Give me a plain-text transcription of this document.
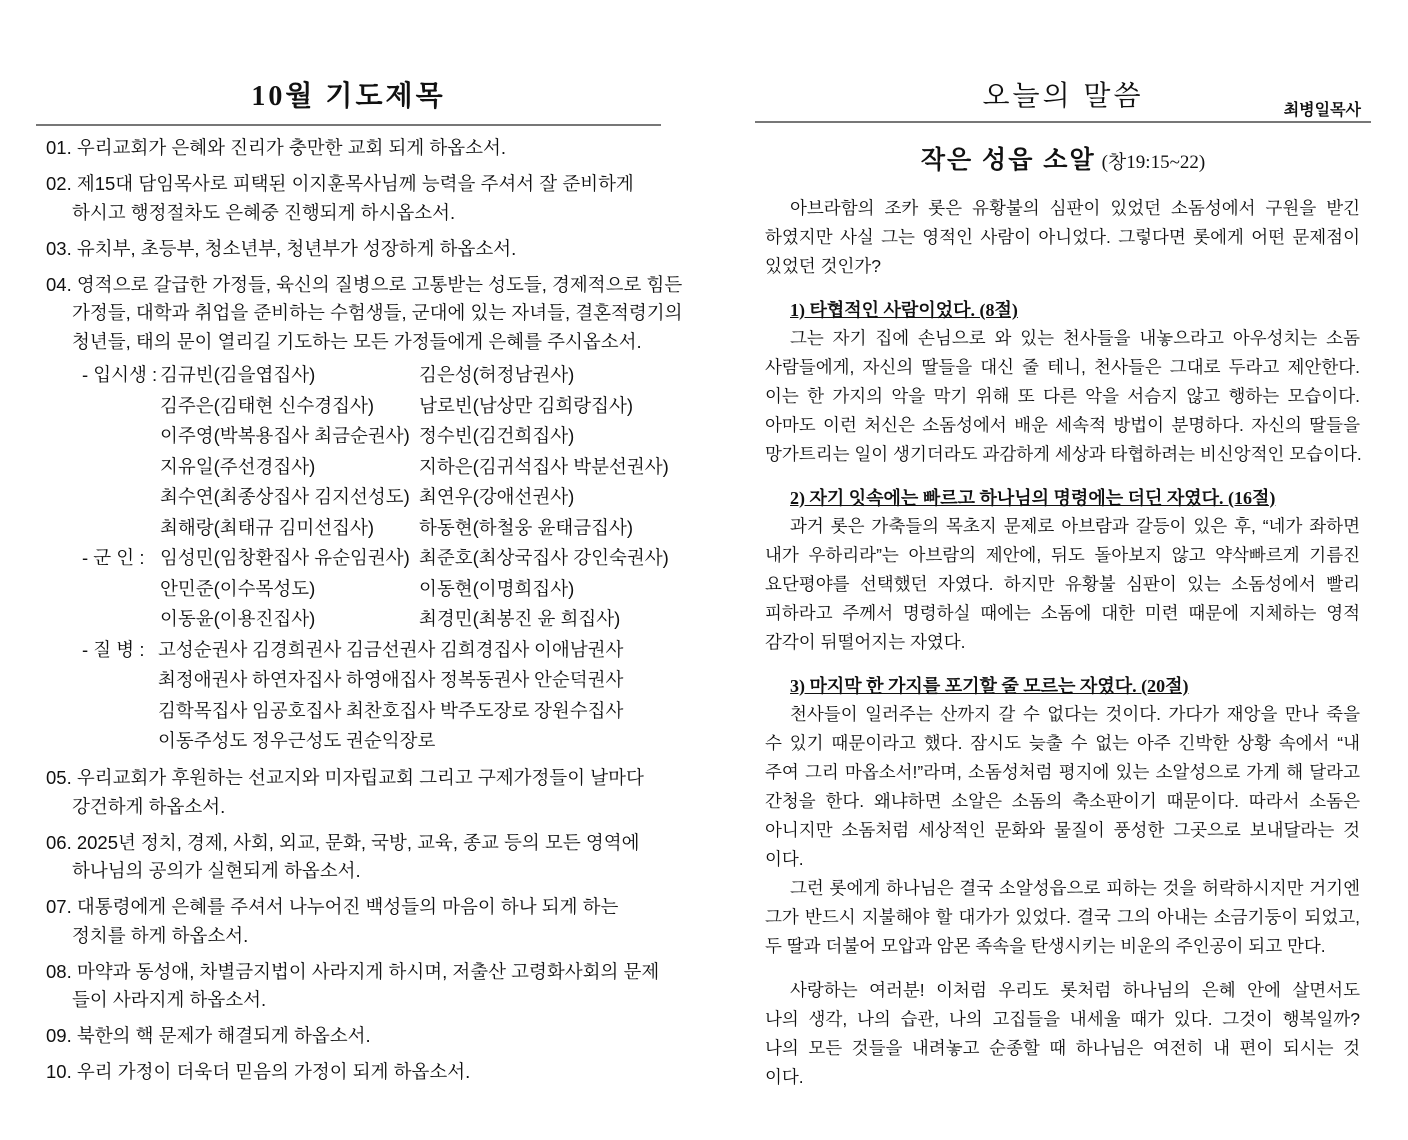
10월 기도제목
01. 우리교회가 은혜와 진리가 충만한 교회 되게 하옵소서.
02. 제15대 담임목사로 피택된 이지훈목사님께 능력을 주셔서 잘 준비하게
하시고 행정절차도 은혜중 진행되게 하시옵소서.
03. 유치부, 초등부, 청소년부, 청년부가 성장하게 하옵소서.
04. 영적으로 갈급한 가정들, 육신의 질병으로 고통받는 성도들, 경제적으로 힘든
가정들, 대학과 취업을 준비하는 수험생들, 군대에 있는 자녀들, 결혼적령기의
청년들, 태의 문이 열리길 기도하는 모든 가정들에게 은혜를 주시옵소서.
- 입시생 : 김규빈(김을엽집사)	김은성(허정남권사)
김주은(김태현 신수경집사) 남로빈(남상만 김희랑집사)
이주영(박복용집사 최금순권사) 정수빈(김건희집사)
지유일(주선경집사)	지하은(김귀석집사 박분선권사)
최수연(최종상집사 김지선성도) 최연우(강애선권사)
최해랑(최태규 김미선집사) 하동현(하철웅 윤태금집사)
- 군 인 : 임성민(임창환집사 유순임권사) 최준호(최상국집사 강인숙권사)
안민준(이수목성도)	이동현(이명희집사)
이동윤(이용진집사)	최경민(최봉진 윤 희집사)
- 질 병 : 고성순권사 김경희권사 김금선권사 김희경집사 이애남권사
최정애권사 하연자집사 하영애집사 정복동권사 안순덕권사
김학목집사 임공호집사 최찬호집사 박주도장로 장원수집사
이동주성도 정우근성도 권순익장로
05. 우리교회가 후원하는 선교지와 미자립교회 그리고 구제가정들이 날마다
강건하게 하옵소서.
06. 2025년 정치, 경제, 사회, 외교, 문화, 국방, 교육, 종교 등의 모든 영역에
하나님의 공의가 실현되게 하옵소서.
07. 대통령에게 은혜를 주셔서 나누어진 백성들의 마음이 하나 되게 하는
정치를 하게 하옵소서.
08. 마약과 동성애, 차별금지법이 사라지게 하시며, 저출산 고령화사회의 문제
들이 사라지게 하옵소서.
09. 북한의 핵 문제가 해결되게 하옵소서.
10. 우리 가정이 더욱더 믿음의 가정이 되게 하옵소서.
오늘의 말씀	최병일목사
작은 성읍 소알 (창19:15~22)
아브라함의 조카 롯은 유황불의 심판이 있었던 소돔성에서 구원을 받긴
하였지만 사실 그는 영적인 사람이 아니었다. 그렇다면 롯에게 어떤 문제점이
있었던 것인가?
1) 타협적인 사람이었다. (8절)
그는 자기 집에 손님으로 와 있는 천사들을 내놓으라고 아우성치는 소돔
사람들에게, 자신의 딸들을 대신 줄 테니, 천사들은 그대로 두라고 제안한다.
이는 한 가지의 악을 막기 위해 또 다른 악을 서슴지 않고 행하는 모습이다.
아마도 이런 처신은 소돔성에서 배운 세속적 방법이 분명하다. 자신의 딸들을
망가트리는 일이 생기더라도 과감하게 세상과 타협하려는 비신앙적인 모습이다.
2) 자기 잇속에는 빠르고 하나님의 명령에는 더딘 자였다. (16절)
과거 롯은 가축들의 목초지 문제로 아브람과 갈등이 있은 후, “네가 좌하면
내가 우하리라”는 아브람의 제안에, 뒤도 돌아보지 않고 약삭빠르게 기름진
요단평야를 선택했던 자였다. 하지만 유황불 심판이 있는 소돔성에서 빨리
피하라고 주께서 명령하실 때에는 소돔에 대한 미련 때문에 지체하는 영적
감각이 뒤떨어지는 자였다.
3) 마지막 한 가지를 포기할 줄 모르는 자였다. (20절)
천사들이 일러주는 산까지 갈 수 없다는 것이다. 가다가 재앙을 만나 죽을
수 있기 때문이라고 했다. 잠시도 늦출 수 없는 아주 긴박한 상황 속에서 “내
주여 그리 마옵소서!”라며, 소돔성처럼 평지에 있는 소알성으로 가게 해 달라고
간청을 한다. 왜냐하면 소알은 소돔의 축소판이기 때문이다. 따라서 소돔은
아니지만 소돔처럼 세상적인 문화와 물질이 풍성한 그곳으로 보내달라는 것
이다.
그런 롯에게 하나님은 결국 소알성읍으로 피하는 것을 허락하시지만 거기엔
그가 반드시 지불해야 할 대가가 있었다. 결국 그의 아내는 소금기둥이 되었고,
두 딸과 더불어 모압과 암몬 족속을 탄생시키는 비운의 주인공이 되고 만다.
사랑하는 여러분! 이처럼 우리도 롯처럼 하나님의 은혜 안에 살면서도
나의 생각, 나의 습관, 나의 고집들을 내세울 때가 있다. 그것이 행복일까?
나의 모든 것들을 내려놓고 순종할 때 하나님은 여전히 내 편이 되시는 것
이다.
